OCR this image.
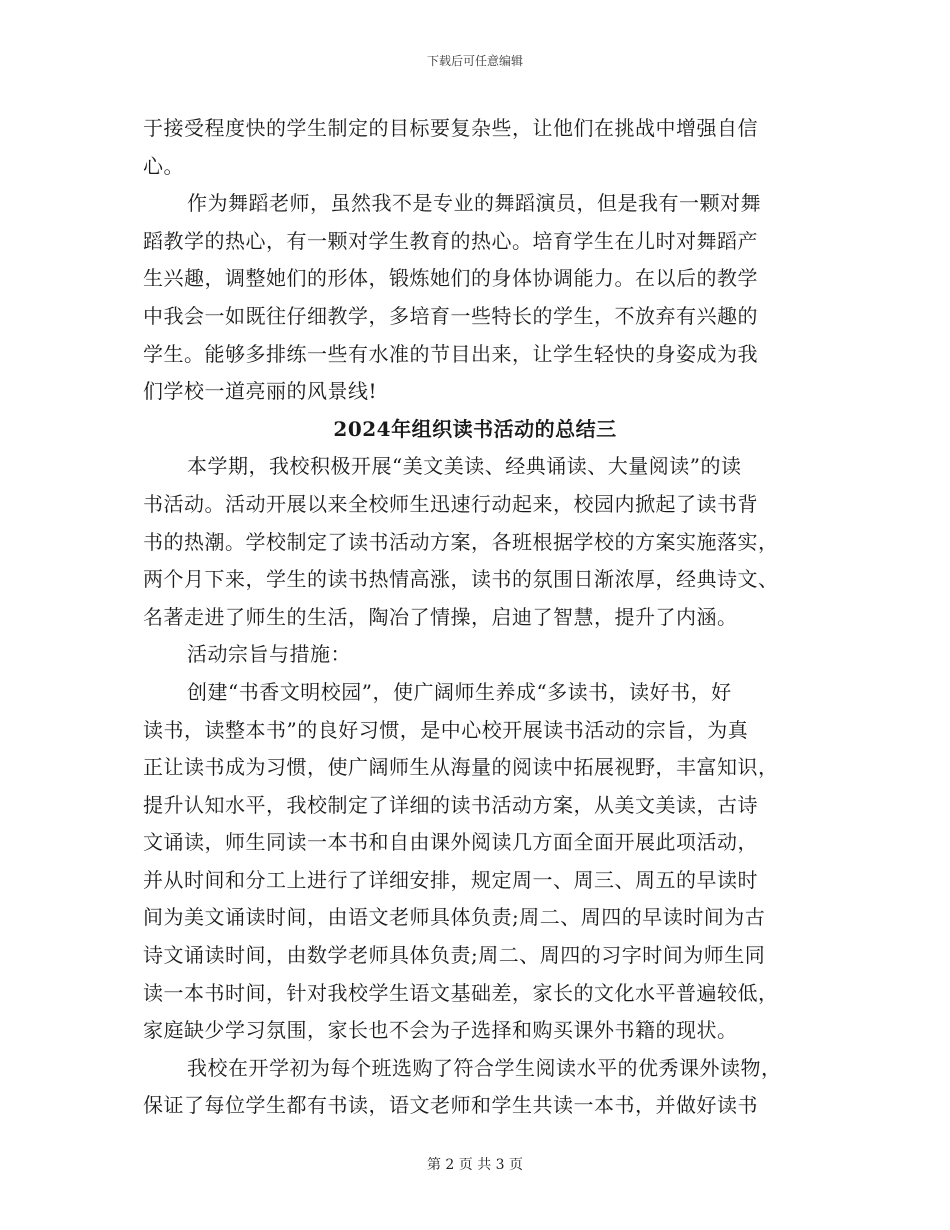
下载后可任意编辑
于接受程度快的学生制定的目标要复杂些，让他们在挑战中增强自信
心。
作为舞蹈老师，虽然我不是专业的舞蹈演员，但是我有一颗对舞
蹈教学的热心，有一颗对学生教育的热心。培育学生在儿时对舞蹈产
生兴趣，调整她们的形体，锻炼她们的身体协调能力。在以后的教学
中我会一如既往仔细教学，多培育一些特长的学生，不放弃有兴趣的
学生。能够多排练一些有水准的节目出来，让学生轻快的身姿成为我
们学校一道亮丽的风景线!
2024年组织读书活动的总结三
本学期，我校积极开展“美文美读、经典诵读、大量阅读”的读
书活动。活动开展以来全校师生迅速行动起来，校园内掀起了读书背
书的热潮。学校制定了读书活动方案，各班根据学校的方案实施落实，
两个月下来，学生的读书热情高涨，读书的氛围日渐浓厚，经典诗文、
名著走进了师生的生活，陶冶了情操，启迪了智慧，提升了内涵。
活动宗旨与措施：
创建“书香文明校园”，使广阔师生养成“多读书，读好书，好
读书，读整本书”的良好习惯，是中心校开展读书活动的宗旨，为真
正让读书成为习惯，使广阔师生从海量的阅读中拓展视野，丰富知识，
提升认知水平，我校制定了详细的读书活动方案，从美文美读，古诗
文诵读，师生同读一本书和自由课外阅读几方面全面开展此项活动，
并从时间和分工上进行了详细安排，规定周一、周三、周五的早读时
间为美文诵读时间，由语文老师具体负责;周二、周四的早读时间为古
诗文诵读时间，由数学老师具体负责;周二、周四的习字时间为师生同
读一本书时间，针对我校学生语文基础差，家长的文化水平普遍较低，
家庭缺少学习氛围，家长也不会为子选择和购买课外书籍的现状。
我校在开学初为每个班选购了符合学生阅读水平的优秀课外读物，
保证了每位学生都有书读，语文老师和学生共读一本书，并做好读书
第 2 页 共 3 页
